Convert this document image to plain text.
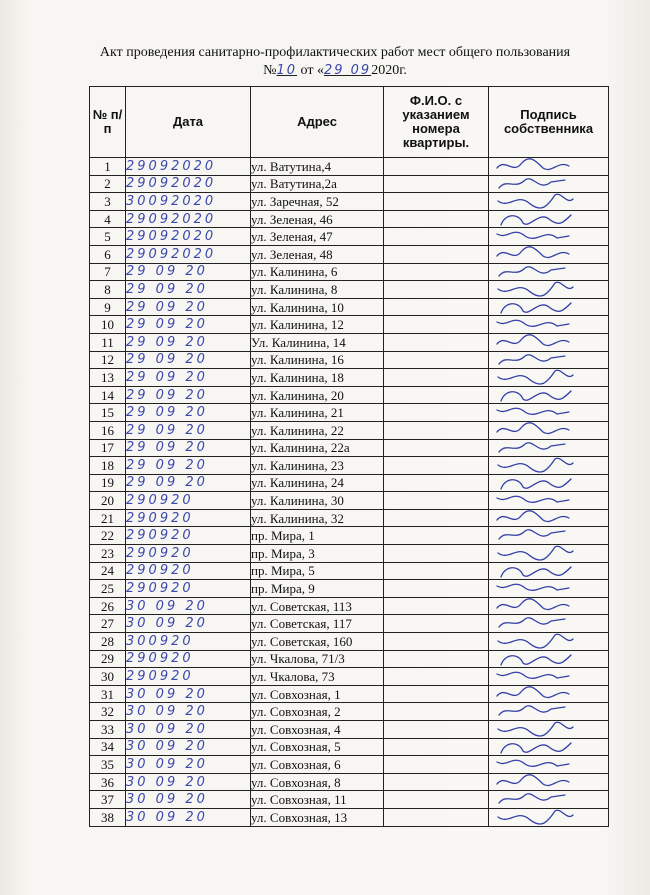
Акт проведения санитарно-профилактических работ мест общего пользования
№10 от «29 092020г.
№ п/п	Дата	Адрес	Ф.И.О. с указанием номера квартиры.	Подпись собственника
1	29092020	ул. Ватутина,4		

2	29092020	ул. Ватутина,2а		

3	30092020	ул. Заречная, 52		

4	29092020	ул. Зеленая, 46		

5	29092020	ул. Зеленая, 47		

6	29092020	ул. Зеленая, 48		

7	29 09 20	ул. Калинина, 6		

8	29 09 20	ул. Калинина, 8		

9	29 09 20	ул. Калинина, 10		

10	29 09 20	ул. Калинина, 12		

11	29 09 20	Ул. Калинина, 14		

12	29 09 20	ул. Калинина, 16		

13	29 09 20	ул. Калинина, 18		

14	29 09 20	ул. Калинина, 20		

15	29 09 20	ул. Калинина, 21		

16	29 09 20	ул. Калинина, 22		

17	29 09 20	ул. Калинина, 22а		

18	29 09 20	ул. Калинина, 23		

19	29 09 20	ул. Калинина, 24		

20	290920	ул. Калинина, 30		

21	290920	ул. Калинина, 32		

22	290920	пр. Мира, 1		

23	290920	пр. Мира, 3		

24	290920	пр. Мира, 5		

25	290920	пр. Мира, 9		

26	30 09 20	ул. Советская, 113		

27	30 09 20	ул. Советская, 117		

28	300920	ул. Советская, 160		

29	290920	ул. Чкалова, 71/3		

30	290920	ул. Чкалова, 73		

31	30 09 20	ул. Совхозная, 1		

32	30 09 20	ул. Совхозная, 2		

33	30 09 20	ул. Совхозная, 4		

34	30 09 20	ул. Совхозная, 5		

35	30 09 20	ул. Совхозная, 6		

36	30 09 20	ул. Совхозная, 8		

37	30 09 20	ул. Совхозная, 11		

38	30 09 20	ул. Совхозная, 13		
